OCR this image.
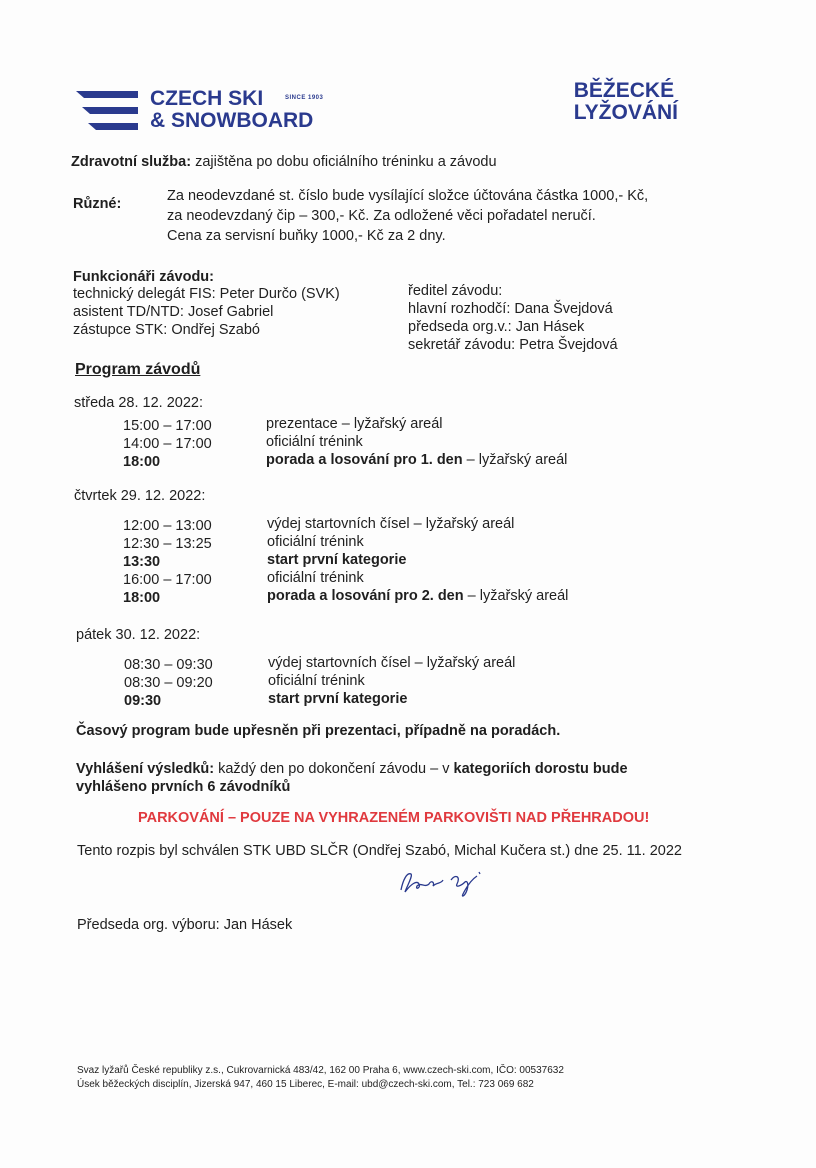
CZECH SKI	SINCE 1903
& SNOWBOARD
BĚŽECKÉ
LYŽOVÁNÍ
Zdravotní služba: zajištěna po dobu oficiálního tréninku a závodu
Různé:	Za neodevzdané st. číslo bude vysílající složce účtována částka 1000,- Kč,
za neodevzdaný čip – 300,- Kč. Za odložené věci pořadatel neručí.
Cena za servisní buňky 1000,- Kč za 2 dny.
Funkcionáři závodu:
technický delegát FIS: Peter Durčo (SVK)
asistent TD/NTD: Josef Gabriel
zástupce STK: Ondřej Szabó
ředitel závodu:
hlavní rozhodčí: Dana Švejdová
předseda org.v.: Jan Hásek
sekretář závodu: Petra Švejdová
Program závodů
středa 28. 12. 2022:
15:00 – 17:00
14:00 – 17:00
18:00
prezentace – lyžařský areál
oficiální trénink
porada a losování pro 1. den – lyžařský areál
čtvrtek 29. 12. 2022:
12:00 – 13:00
12:30 – 13:25
13:30
16:00 – 17:00
18:00
výdej startovních čísel – lyžařský areál
oficiální trénink
start první kategorie
oficiální trénink
porada a losování pro 2. den – lyžařský areál
pátek 30. 12. 2022:
08:30 – 09:30
08:30 – 09:20
09:30
výdej startovních čísel – lyžařský areál
oficiální trénink
start první kategorie
Časový program bude upřesněn při prezentaci, případně na poradách.
Vyhlášení výsledků: každý den po dokončení závodu – v kategoriích dorostu bude
vyhlášeno prvních 6 závodníků
PARKOVÁNÍ – POUZE NA VYHRAZENÉM PARKOVIŠTI NAD PŘEHRADOU!
Tento rozpis byl schválen STK UBD SLČR (Ondřej Szabó, Michal Kučera st.) dne 25. 11. 2022
Předseda org. výboru: Jan Hásek
Svaz lyžařů České republiky z.s., Cukrovarnická 483/42, 162 00 Praha 6, www.czech-ski.com, IČO: 00537632
Úsek běžeckých disciplín, Jizerská 947, 460 15 Liberec, E-mail: ubd@czech-ski.com, Tel.: 723 069 682
